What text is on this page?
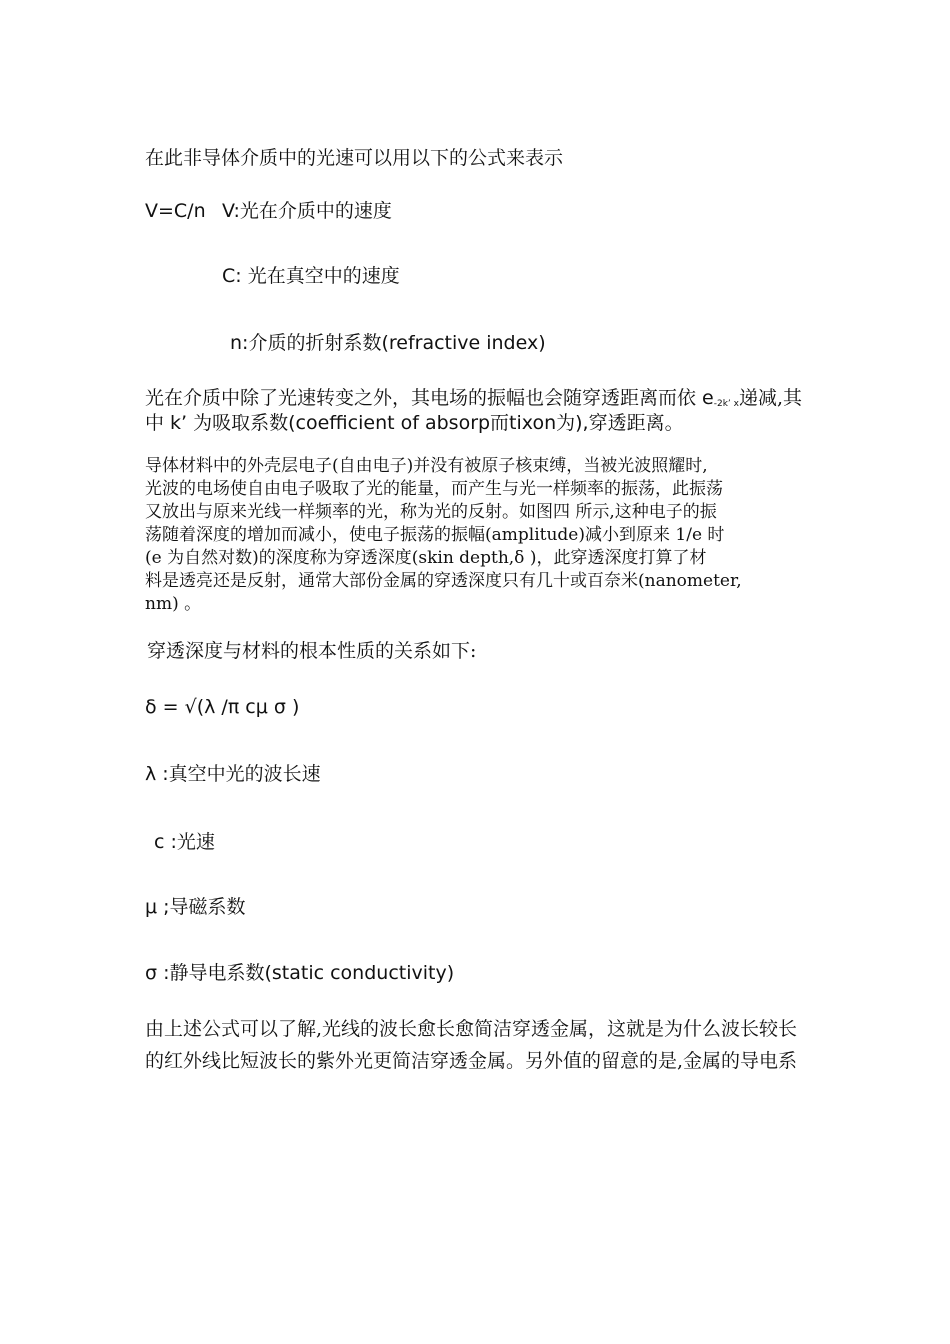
在此非导体介质中的光速可以用以下的公式来表示
V=C/n V:光在介质中的速度
C: 光在真空中的速度
n:介质的折射系数(refractive index)
光在介质中除了光速转变之外，其电场的振幅也会随穿透距离而依 $e^{-2k’ x}$递减,其
中 k’ 为吸取系数(coefficient of absorp而tixon为),穿透距离。
导体材料中的外壳层电子(自由电子)并没有被原子核束缚，当被光波照耀时,
光波的电场使自由电子吸取了光的能量，而产生与光一样频率的振荡，此振荡
又放出与原来光线一样频率的光，称为光的反射。如图四 所示,这种电子的振
荡随着深度的增加而减小，使电子振荡的振幅(amplitude)减小到原来 1/e 时
(e 为自然对数)的深度称为穿透深度(skin depth,δ )，此穿透深度打算了材
料是透亮还是反射，通常大部份金属的穿透深度只有几十或百奈米(nanometer,
nm) 。
穿透深度与材料的根本性质的关系如下:
δ = √(λ /π cμ σ )
λ :真空中光的波长速
c :光速
μ ;导磁系数
σ :静导电系数(static conductivity)
由上述公式可以了解,光线的波长愈长愈简洁穿透金属，这就是为什么波长较长
的红外线比短波长的紫外光更简洁穿透金属。另外值的留意的是,金属的导电系
